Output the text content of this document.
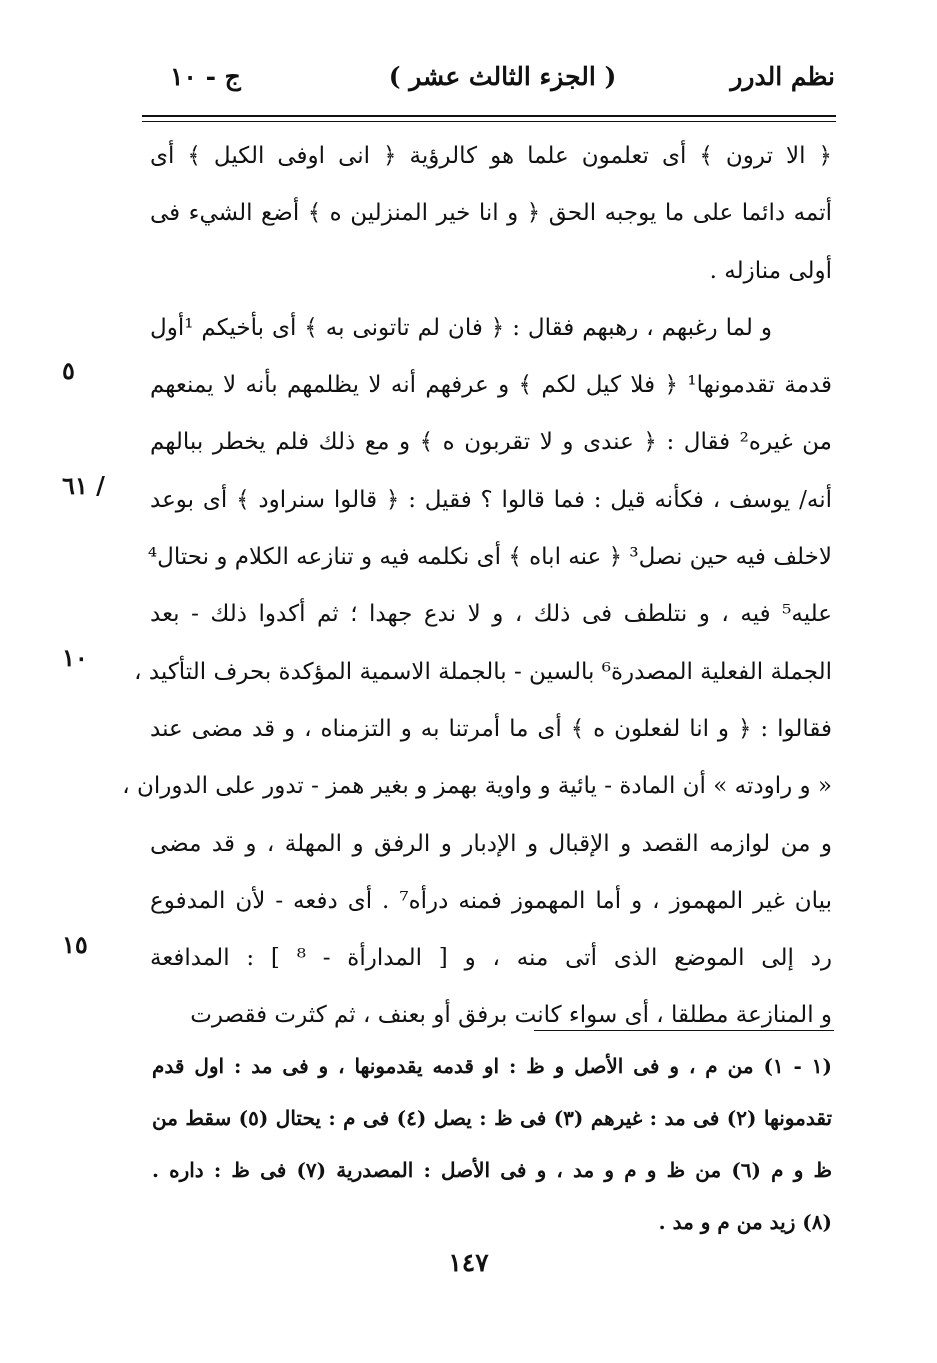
نظم الدرر
( الجزء الثالث عشر )
ج - ١٠
﴿ الا ترون ﴾ أى تعلمون علما هو كالرؤية ﴿ انى اوفى الكيل ﴾ أى
أتمه دائما على ما يوجبه الحق ﴿ و انا خير المنزلين ه ﴾ أضع الشيء فى
أولى منازله .
و لما رغبهم ، رهبهم فقال : ﴿ فان لم تاتونى به ﴾ أى بأخيكم ¹أول
قدمة تقدمونها¹ ﴿ فلا كيل لكم ﴾ و عرفهم أنه لا يظلمهم بأنه لا يمنعهم
من غيره² فقال : ﴿ عندى و لا تقربون ه ﴾ و مع ذلك فلم يخطر ببالهم
أنه/ يوسف ، فكأنه قيل : فما قالوا ؟ فقيل : ﴿ قالوا سنراود ﴾ أى بوعد
لاخلف فيه حين نصل³ ﴿ عنه اباه ﴾ أى نكلمه فيه و تنازعه الكلام و نحتال⁴
عليه⁵ فيه ، و نتلطف فى ذلك ، و لا ندع جهدا ؛ ثم أكدوا ذلك - بعد
الجملة الفعلية المصدرة⁶ بالسين - بالجملة الاسمية المؤكدة بحرف التأكيد ،
فقالوا : ﴿ و انا لفعلون ه ﴾ أى ما أمرتنا به و التزمناه ، و قد مضى عند
« و راودته » أن المادة - يائية و واوية بهمز و بغير همز - تدور على الدوران ،
و من لوازمه القصد و الإقبال و الإدبار و الرفق و المهلة ، و قد مضى
بيان غير المهموز ، و أما المهموز فمنه درأه⁷ . أى دفعه - لأن المدفوع
رد إلى الموضع الذى أتى منه ، و [ المدارأة - ⁸ ] : المدافعة
و المنازعة مطلقا ، أى سواء كانت برفق أو بعنف ، ثم كثرت فقصرت
٥
/ ٦١
١٠
١٥
(١ - ١) من م ، و فى الأصل و ظ : او قدمه يقدمونها ، و فى مد : اول قدم
تقدمونها (٢) فى مد : غيرهم (٣) فى ظ : يصل (٤) فى م : يحتال (٥) سقط من
ظ و م (٦) من ظ و م و مد ، و فى الأصل : المصدرية (٧) فى ظ : داره .
(٨) زيد من م و مد .
١٤٧
